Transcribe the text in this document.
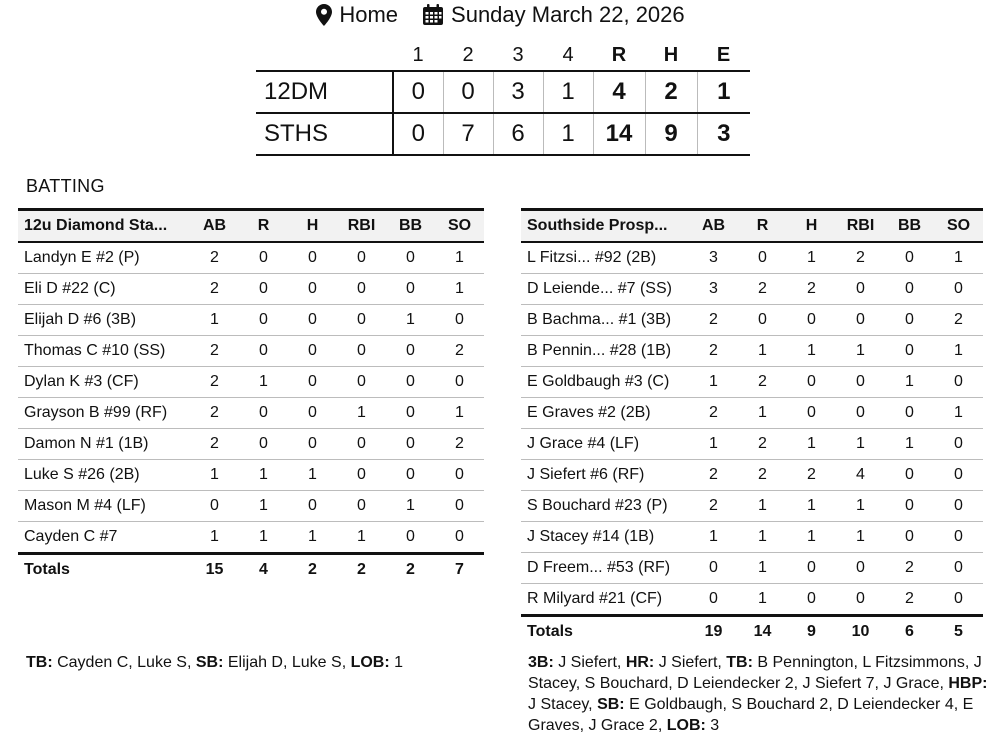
Home Sunday March 22, 2026
	1	2	3	4	R	H	E
12DM	0	0	3	1	4	2	1
STHS	0	7	6	1	14	9	3
BATTING
12u Diamond Sta...	AB	R	H	RBI	BB	SO
Landyn E #2 (P)	2	0	0	0	0	1
Eli D #22 (C)	2	0	0	0	0	1
Elijah D #6 (3B)	1	0	0	0	1	0
Thomas C #10 (SS)	2	0	0	0	0	2
Dylan K #3 (CF)	2	1	0	0	0	0
Grayson B #99 (RF)	2	0	0	1	0	1
Damon N #1 (1B)	2	0	0	0	0	2
Luke S #26 (2B)	1	1	1	0	0	0
Mason M #4 (LF)	0	1	0	0	1	0
Cayden C #7	1	1	1	1	0	0
Totals	15	4	2	2	2	7
Southside Prosp...	AB	R	H	RBI	BB	SO
L Fitzsi... #92 (2B)	3	0	1	2	0	1
D Leiende... #7 (SS)	3	2	2	0	0	0
B Bachma... #1 (3B)	2	0	0	0	0	2
B Pennin... #28 (1B)	2	1	1	1	0	1
E Goldbaugh #3 (C)	1	2	0	0	1	0
E Graves #2 (2B)	2	1	0	0	0	1
J Grace #4 (LF)	1	2	1	1	1	0
J Siefert #6 (RF)	2	2	2	4	0	0
S Bouchard #23 (P)	2	1	1	1	0	0
J Stacey #14 (1B)	1	1	1	1	0	0
D Freem... #53 (RF)	0	1	0	0	2	0
R Milyard #21 (CF)	0	1	0	0	2	0
Totals	19	14	9	10	6	5
TB: Cayden C, Luke S, SB: Elijah D, Luke S, LOB: 1	3B: J Siefert, HR: J Siefert, TB: B Pennington, L Fitzsimmons, J Stacey, S Bouchard, D Leiendecker 2, J Siefert 7, J Grace, HBP: J Stacey, SB: E Goldbaugh, S Bouchard 2, D Leiendecker 4, E Graves, J Grace 2, LOB: 3
